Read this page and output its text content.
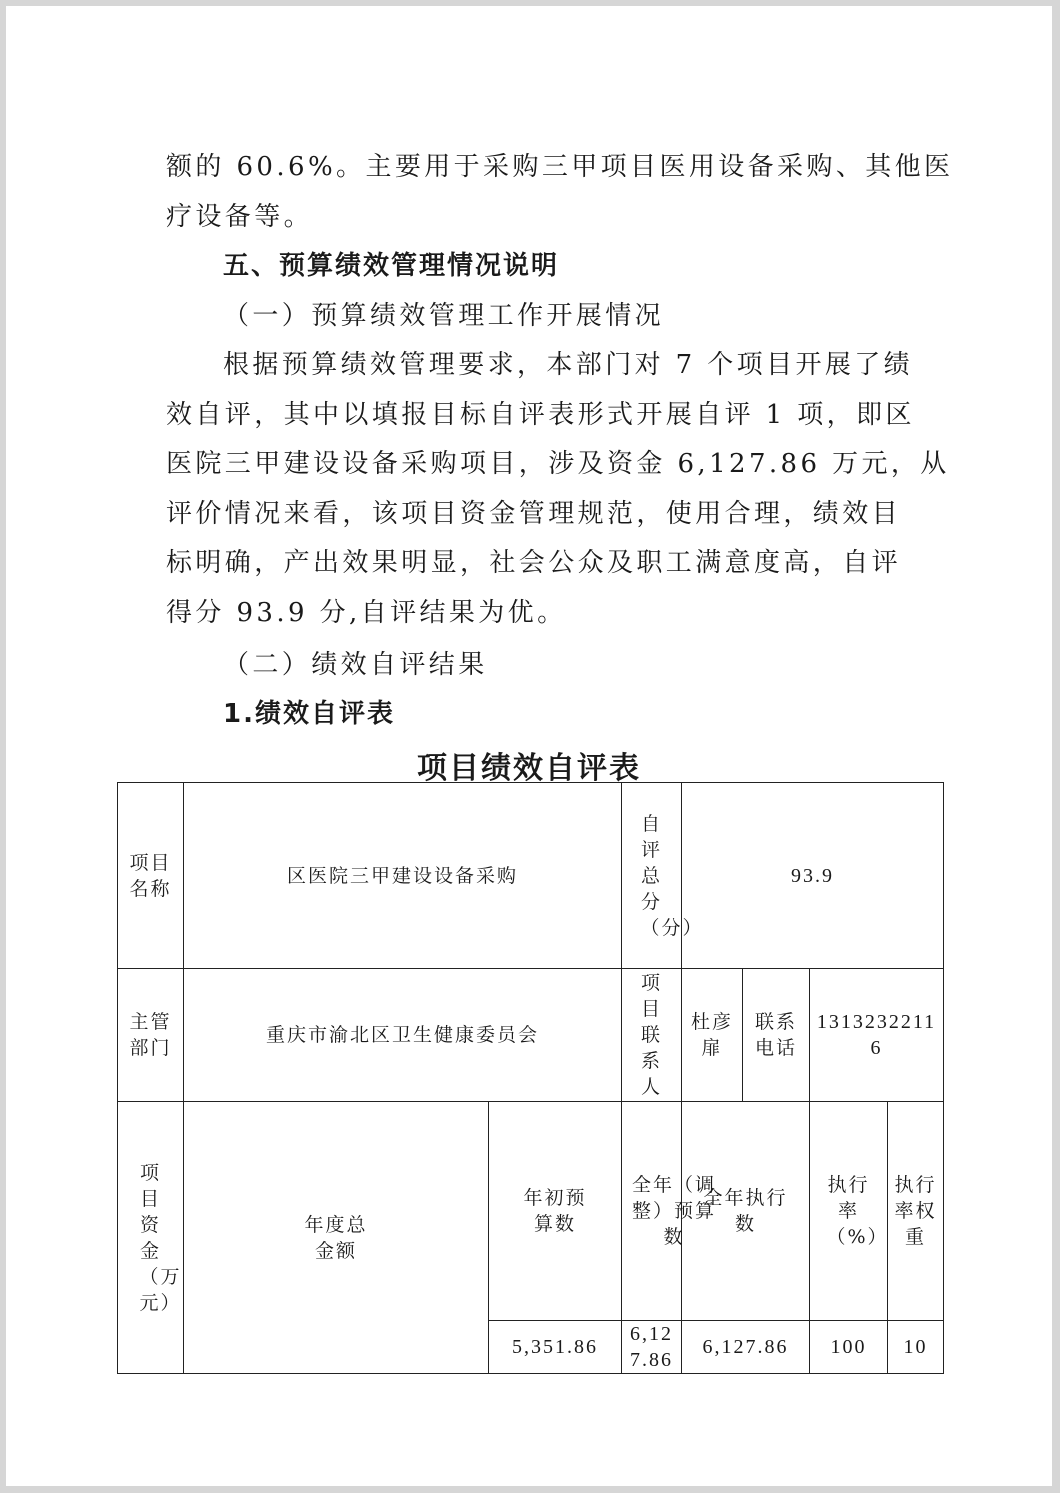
额的 60.6%。主要用于采购三甲项目医用设备采购、其他医
疗设备等。
五、预算绩效管理情况说明
（一）预算绩效管理工作开展情况
根据预算绩效管理要求，本部门对 7 个项目开展了绩
效自评，其中以填报目标自评表形式开展自评 1 项，即区
医院三甲建设设备采购项目，涉及资金 6,127.86 万元，从
评价情况来看，该项目资金管理规范，使用合理，绩效目
标明确，产出效果明显，社会公众及职工满意度高，自评
得分 93.9 分,自评结果为优。
（二）绩效自评结果
1.绩效自评表
项目绩效自评表
项目名称	区医院三甲建设设备采购		自评总分（分）	93.9				

主管部门	重庆市渝北区卫生健康委员会		项目联系人	杜彦扉	联系电话	13132322116		

项目资金（万元）	年度总金额	年初预算数	全年（调整）预算数	全年执行数		执行率（%）	执行率权重

		5,351.86	6,127.86	6,127.86		100	10	
